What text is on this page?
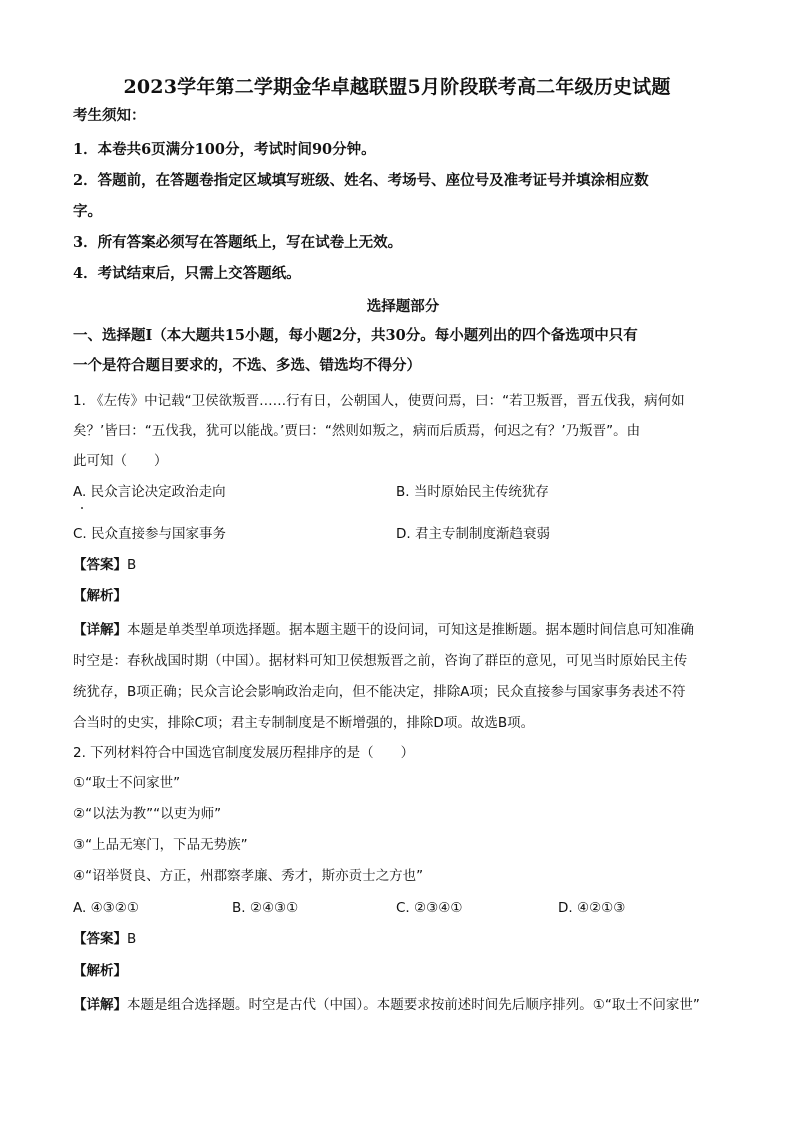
2023学年第二学期金华卓越联盟5月阶段联考高二年级历史试题
考生须知：
1．本卷共6页满分100分，考试时间90分钟。
2．答题前，在答题卷指定区域填写班级、姓名、考场号、座位号及准考证号并填涂相应数
字。
3．所有答案必须写在答题纸上，写在试卷上无效。
4．考试结束后，只需上交答题纸。
选择题部分
一、选择题Ⅰ（本大题共15小题，每小题2分，共30分。每小题列出的四个备选项中只有
一个是符合题目要求的，不选、多选、错选均不得分）
1. 《左传》中记载“卫侯欲叛晋……行有日，公朝国人，使贾问焉，曰：“若卫叛晋，晋五伐我，病何如
矣？’皆曰：“五伐我，犹可以能战。’贾曰：“然则如叛之，病而后质焉，何迟之有？’乃叛晋”。由
此可知（　　）
A. 民众言论决定政治走向	B. 当时原始民主传统犹存
C. 民众直接参与国家事务	D. 君主专制制度渐趋衰弱
【答案】B
【解析】
【详解】本题是单类型单项选择题。据本题主题干的设问词，可知这是推断题。据本题时间信息可知准确
时空是：春秋战国时期（中国）。据材料可知卫侯想叛晋之前，咨询了群臣的意见，可见当时原始民主传
统犹存，B项正确；民众言论会影响政治走向，但不能决定，排除A项；民众直接参与国家事务表述不符
合当时的史实，排除C项；君主专制制度是不断增强的，排除D项。故选B项。
2. 下列材料符合中国选官制度发展历程排序的是（　　）
①“取士不问家世”
②“以法为教”“以吏为师”
③“上品无寒门，下品无势族”
④“诏举贤良、方正，州郡察孝廉、秀才，斯亦贡士之方也”
A. ④③②①	B. ②④③①	C. ②③④①	D. ④②①③
【答案】B
【解析】
【详解】本题是组合选择题。时空是古代（中国）。本题要求按前述时间先后顺序排列。①“取士不问家世”
